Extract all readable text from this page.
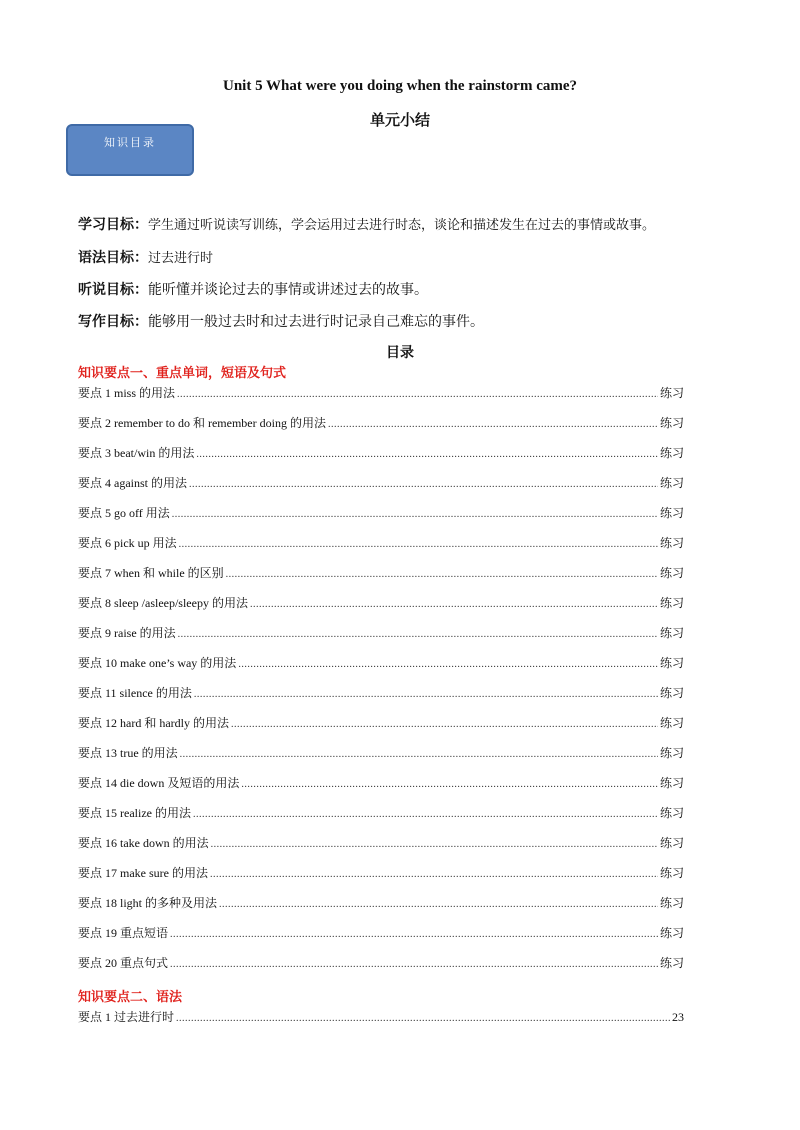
Unit 5 What were you doing when the rainstorm came?
单元小结
知识目录
学习目标：学生通过听说读写训练，学会运用过去进行时态，谈论和描述发生在过去的事情或故事。
语法目标：过去进行时
听说目标：能听懂并谈论过去的事情或讲述过去的故事。
写作目标：能够用一般过去时和过去进行时记录自己难忘的事件。
目录
知识要点一、重点单词，短语及句式
要点 1 miss 的用法 .....	练习
要点 2 remember to do 和 remember doing 的用法 .....	练习
要点 3 beat/win 的用法 .....	练习
要点 4 against 的用法 .....	练习
要点 5 go off 用法 .....	练习
要点 6 pick up 用法 .....	练习
要点 7 when 和 while 的区别 .....	练习
要点 8 sleep /asleep/sleepy 的用法 .....	练习
要点 9 raise 的用法 .....	练习
要点 10 make one’s way 的用法 .....	练习
要点 11 silence 的用法 .....	练习
要点 12 hard 和 hardly 的用法 .....	练习
要点 13 true 的用法 .....	练习
要点 14 die down 及短语的用法 .....	练习
要点 15 realize 的用法 .....	练习
要点 16 take down 的用法 .....	练习
要点 17 make sure 的用法 .....	练习
要点 18 light 的多种及用法 .....	练习
要点 19 重点短语 .....	练习
要点 20 重点句式 .....	练习
知识要点二、语法
要点 1 过去进行时 .....	23
